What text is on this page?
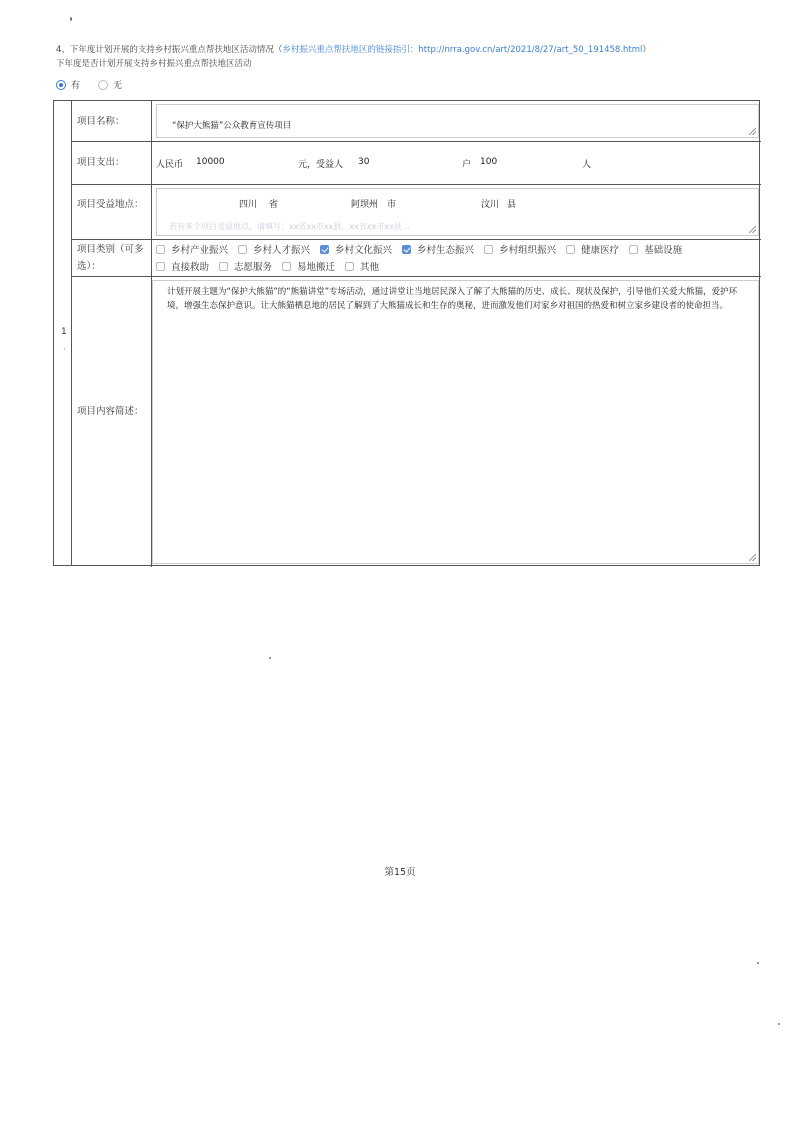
4、下年度计划开展的支持乡村振兴重点帮扶地区活动情况（乡村振兴重点帮扶地区的链接指引：http://nrra.gov.cn/art/2021/8/27/art_50_191458.html）
下年度是否计划开展支持乡村振兴重点帮扶地区活动
有	无
1
·
项目名称：	“保护大熊猫”公众教育宣传项目
项目支出：	人民币 10000	元，受益人 30	户 100	人
项目受益地点：	四川 省	阿坝州 市	汶川 县
若有多个项目受益地点，请填写：xx省xx市xx县，xx省xx市xx县…
项目类别（可多选）：
乡村产业振兴	乡村人才振兴	乡村文化振兴	乡村生态振兴	乡村组织振兴	健康医疗	基础设施
直接救助	志愿服务	易地搬迁	其他
项目内容简述：
计划开展主题为“保护大熊猫”的“熊猫讲堂”专场活动，通过讲堂让当地居民深入了解了大熊猫的历史、成长、现状及保护，引导他们关爱大熊猫，爱护环境，增强生态保护意识。让大熊猫栖息地的居民了解到了大熊猫成长和生存的奥秘，进而激发他们对家乡对祖国的热爱和树立家乡建设者的使命担当。
第15页
